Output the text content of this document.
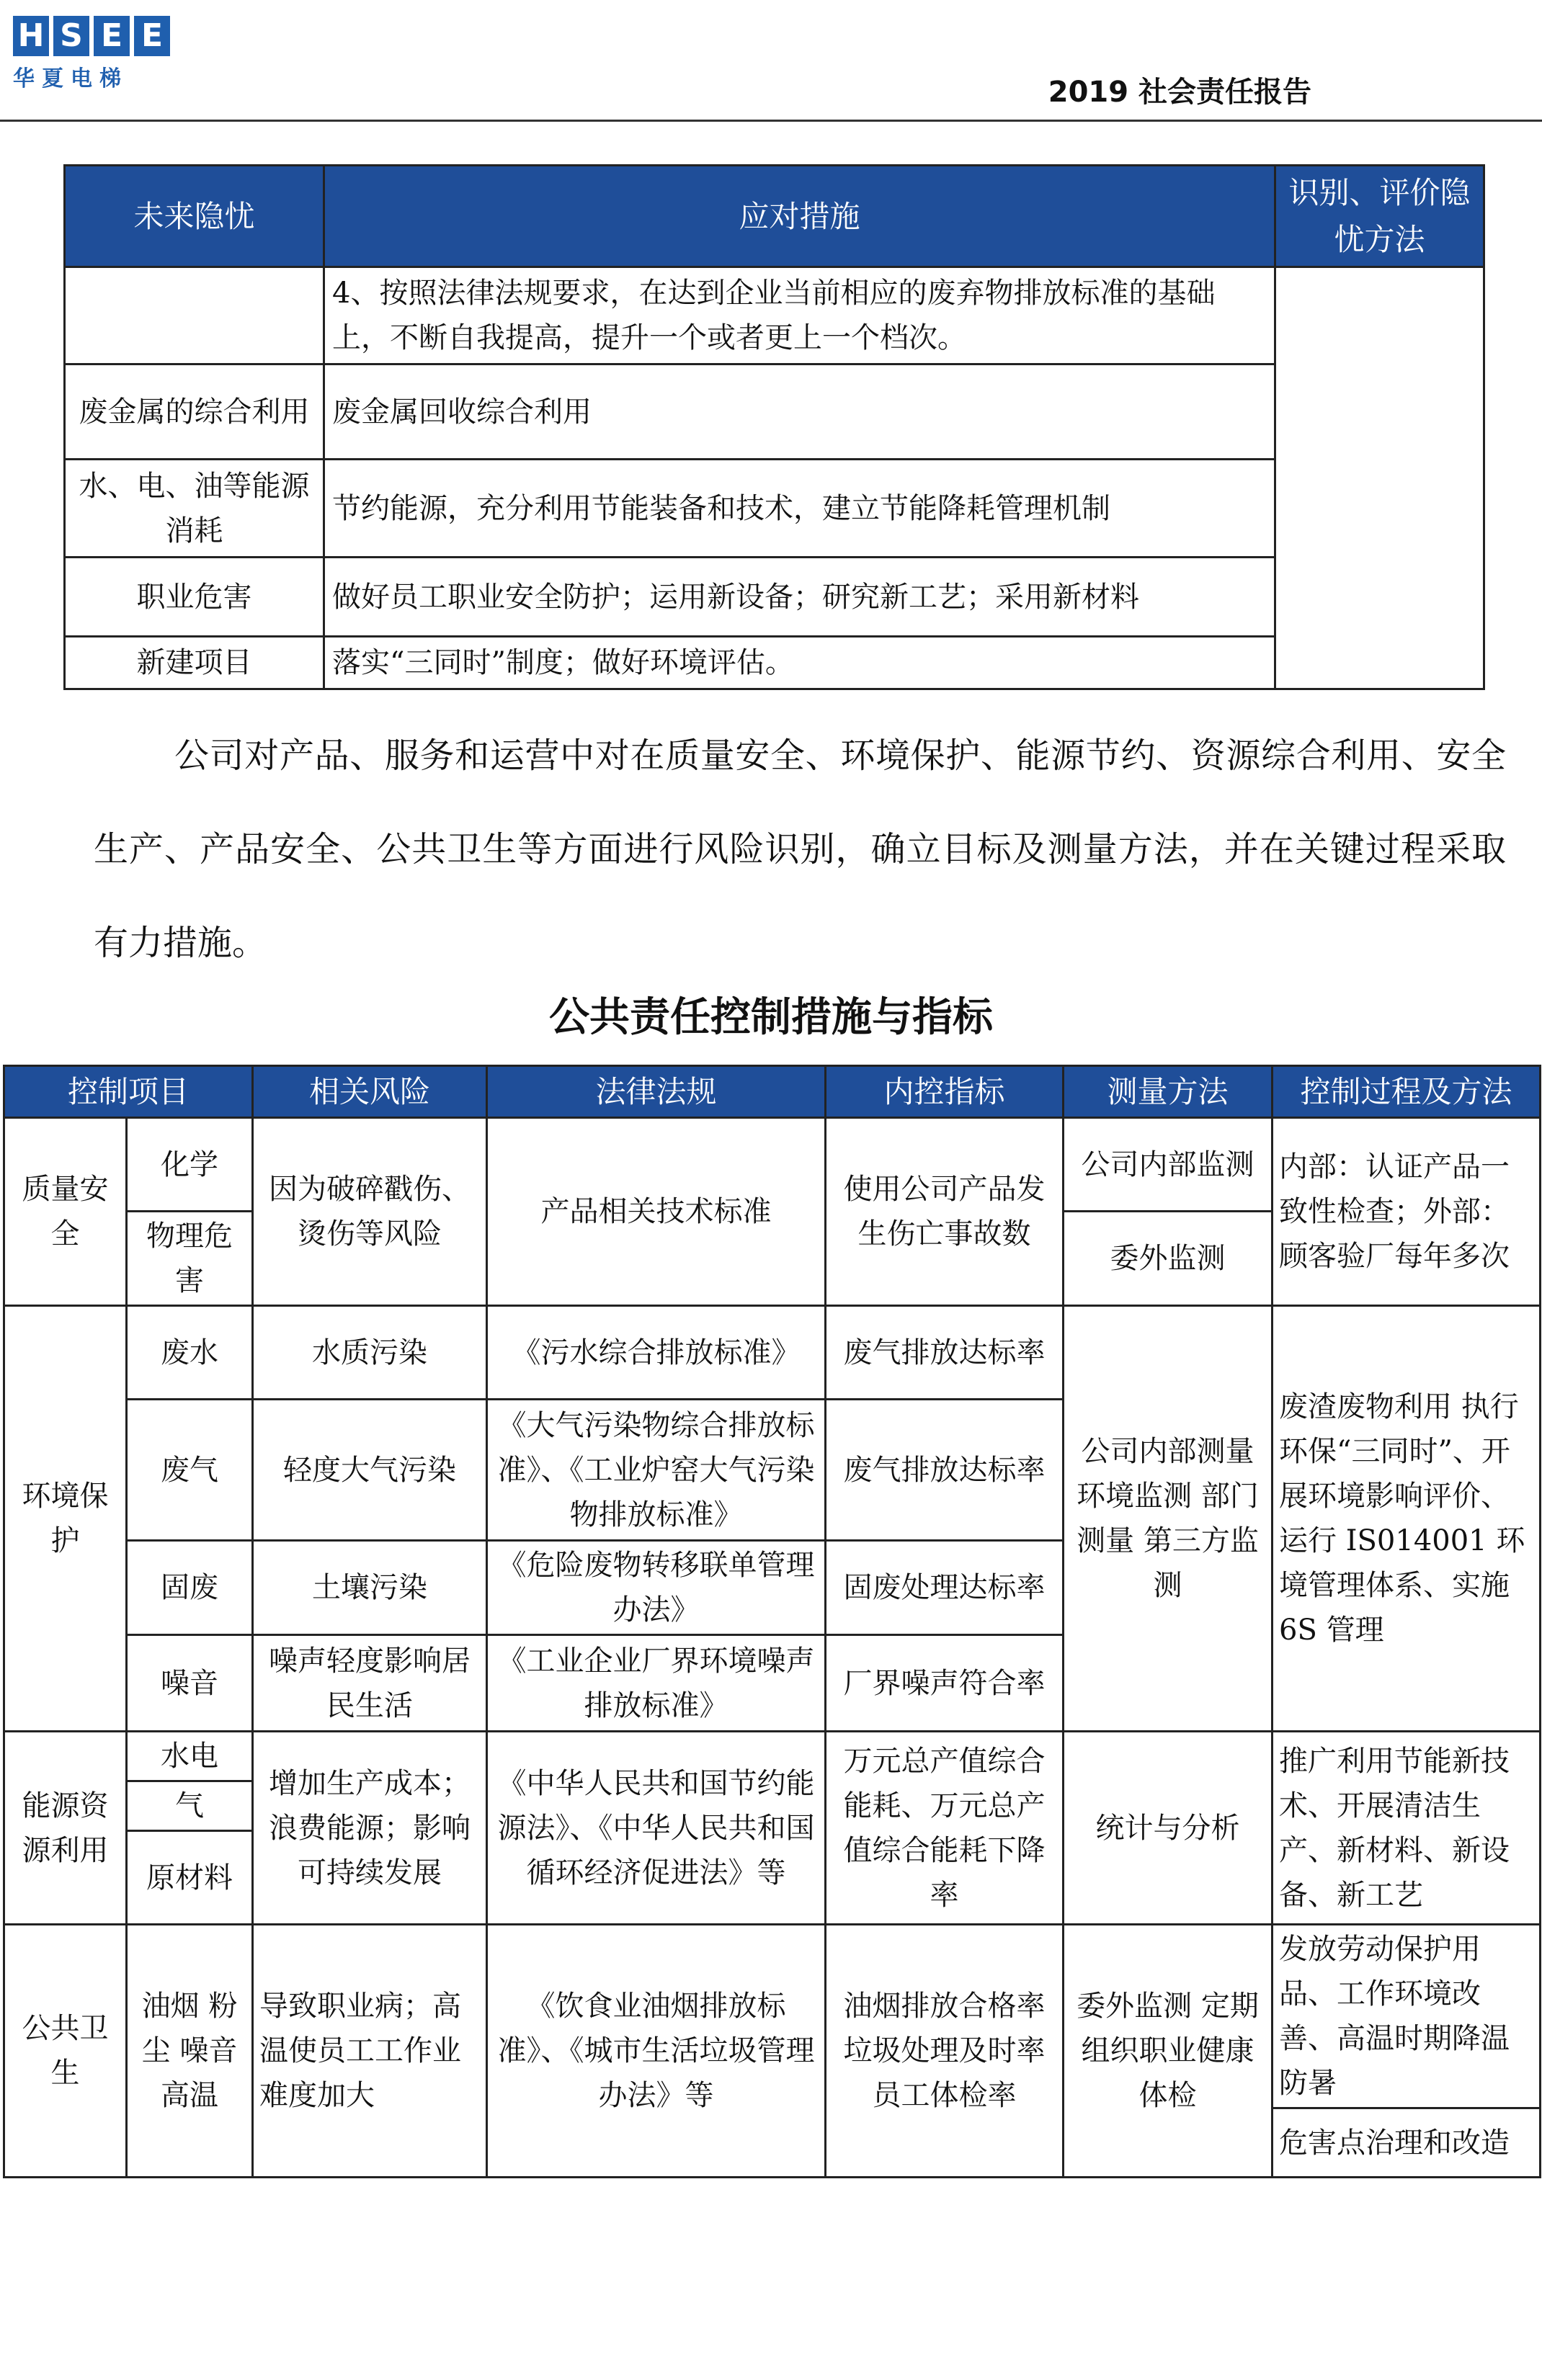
H S E E
华夏电梯	2019 社会责任报告
未来隐忧	应对措施	识别、评价隐忧方法
	4、按照法律法规要求，在达到企业当前相应的废弃物排放标准的基础上，不断自我提高，提升一个或者更上一个档次。	
废金属的综合利用	废金属回收综合利用	
水、电、油等能源消耗	节约能源，充分利用节能装备和技术，建立节能降耗管理机制	
职业危害	做好员工职业安全防护；运用新设备；研究新工艺；采用新材料	
新建项目	落实“三同时”制度；做好环境评估。	

公司对产品、服务和运营中对在质量安全、环境保护、能源节约、资源综合利用、安全生产、产品安全、公共卫生等方面进行风险识别，确立目标及测量方法，并在关键过程采取有力措施。

公共责任控制措施与指标
控制项目		相关风险	法律法规	内控指标	测量方法	控制过程及方法
质量安全	化学	因为破碎戳伤、烫伤等风险	产品相关技术标准	使用公司产品发生伤亡事故数	公司内部监测	内部：认证产品一致性检查；外部：顾客验厂每年多次
	物理危害				委外监测	
环境保护	废水	水质污染	《污水综合排放标准》	废气排放达标率	公司内部测量 环境监测 部门测量 第三方监测	废渣废物利用 执行环保“三同时”、开展环境影响评价、运行 IS014001 环境管理体系、实施 6S 管理
	废气	轻度大气污染	《大气污染物综合排放标准》、《工业炉窑大气污染物排放标准》	废气排放达标率		
	固废	土壤污染	《危险废物转移联单管理办法》	固废处理达标率		
	噪音	噪声轻度影响居民生活	《工业企业厂界环境噪声排放标准》	厂界噪声符合率		
能源资源利用	水电	增加生产成本；浪费能源；影响可持续发展	《中华人民共和国节约能源法》、《中华人民共和国循环经济促进法》等	万元总产值综合能耗、万元总产值综合能耗下降率	统计与分析	推广利用节能新技术、开展清洁生产、新材料、新设备、新工艺
	气					
	原材料					
公共卫生	油烟 粉尘 噪音 高温	导致职业病；高温使员工工作业难度加大	《饮食业油烟排放标准》、《城市生活垃圾管理办法》等	油烟排放合格率 垃圾处理及时率 员工体检率	委外监测 定期组织职业健康体检	发放劳动保护用品、工作环境改善、高温时期降温防暑
						危害点治理和改造
